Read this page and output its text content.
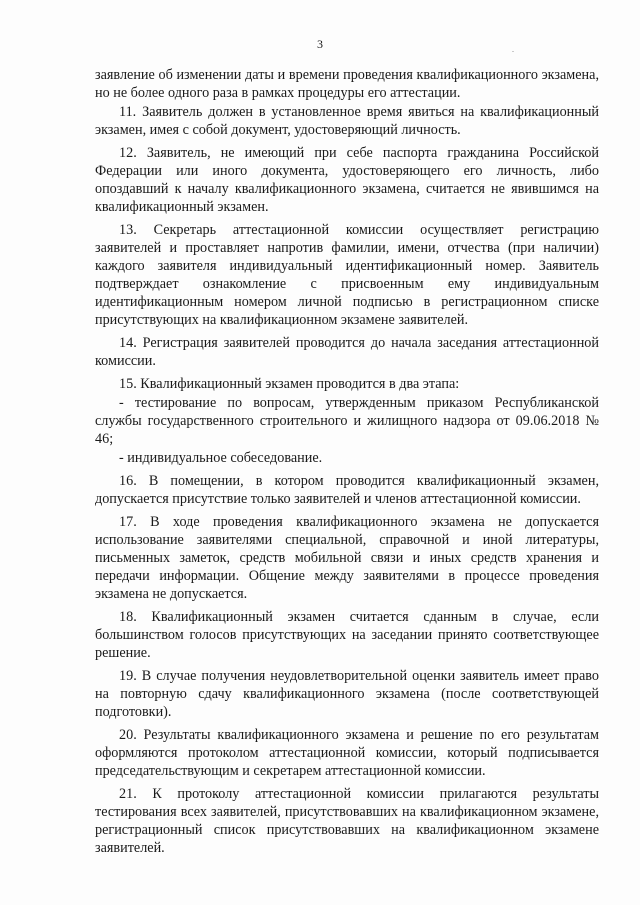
3	.

заявление об изменении даты и времени проведения квалификационного экзамена, но не более одного раза в рамках процедуры его аттестации.

11. Заявитель должен в установленное время явиться на квалификационный экзамен, имея с собой документ, удостоверяющий личность.

12. Заявитель, не имеющий при себе паспорта гражданина Российской Федерации или иного документа, удостоверяющего его личность, либо опоздавший к началу квалификационного экзамена, считается не явившимся на квалификационный экзамен.

13. Секретарь аттестационной комиссии осуществляет регистрацию заявителей и проставляет напротив фамилии, имени, отчества (при наличии) каждого заявителя индивидуальный идентификационный номер. Заявитель подтверждает ознакомление с присвоенным ему индивидуальным идентификационным номером личной подписью в регистрационном списке присутствующих на квалификационном экзамене заявителей.

14. Регистрация заявителей проводится до начала заседания аттестационной комиссии.

15. Квалификационный экзамен проводится в два этапа:

- тестирование по вопросам, утвержденным приказом Республиканской службы государственного строительного и жилищного надзора от 09.06.2018 № 46;

- индивидуальное собеседование.

16. В помещении, в котором проводится квалификационный экзамен, допускается присутствие только заявителей и членов аттестационной комиссии.

17. В ходе проведения квалификационного экзамена не допускается использование заявителями специальной, справочной и иной литературы, письменных заметок, средств мобильной связи и иных средств хранения и передачи информации. Общение между заявителями в процессе проведения экзамена не допускается.

18. Квалификационный экзамен считается сданным в случае, если большинством голосов присутствующих на заседании принято соответствующее решение.

19. В случае получения неудовлетворительной оценки заявитель имеет право на повторную сдачу квалификационного экзамена (после соответствующей подготовки).

20. Результаты квалификационного экзамена и решение по его результатам оформляются протоколом аттестационной комиссии, который подписывается председательствующим и секретарем аттестационной комиссии.

21. К протоколу аттестационной комиссии прилагаются результаты тестирования всех заявителей, присутствовавших на квалификационном экзамене, регистрационный список присутствовавших на квалификационном экзамене заявителей.
